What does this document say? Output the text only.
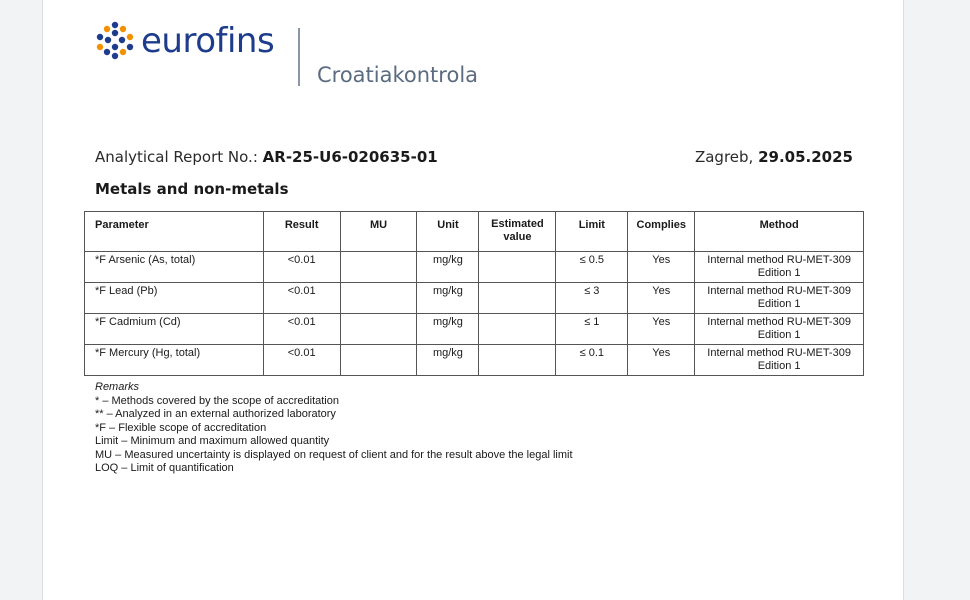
eurofins
Croatiakontrola
Analytical Report No.: AR-25-U6-020635-01	Zagreb, 29.05.2025
Metals and non-metals
Parameter	Result	MU	Unit	Estimated value	Limit	Complies	Method
*F Arsenic (As, total)	<0.01		mg/kg		≤ 0.5	Yes	Internal method RU-MET-309
Edition 1
*F Lead (Pb)	<0.01		mg/kg		≤ 3	Yes	Internal method RU-MET-309
Edition 1
*F Cadmium (Cd)	<0.01		mg/kg		≤ 1	Yes	Internal method RU-MET-309
Edition 1
*F Mercury (Hg, total)	<0.01		mg/kg		≤ 0.1	Yes	Internal method RU-MET-309
Edition 1
Remarks
* – Methods covered by the scope of accreditation
** – Analyzed in an external authorized laboratory
*F – Flexible scope of accreditation
Limit – Minimum and maximum allowed quantity
MU – Measured uncertainty is displayed on request of client and for the result above the legal limit
LOQ – Limit of quantification
